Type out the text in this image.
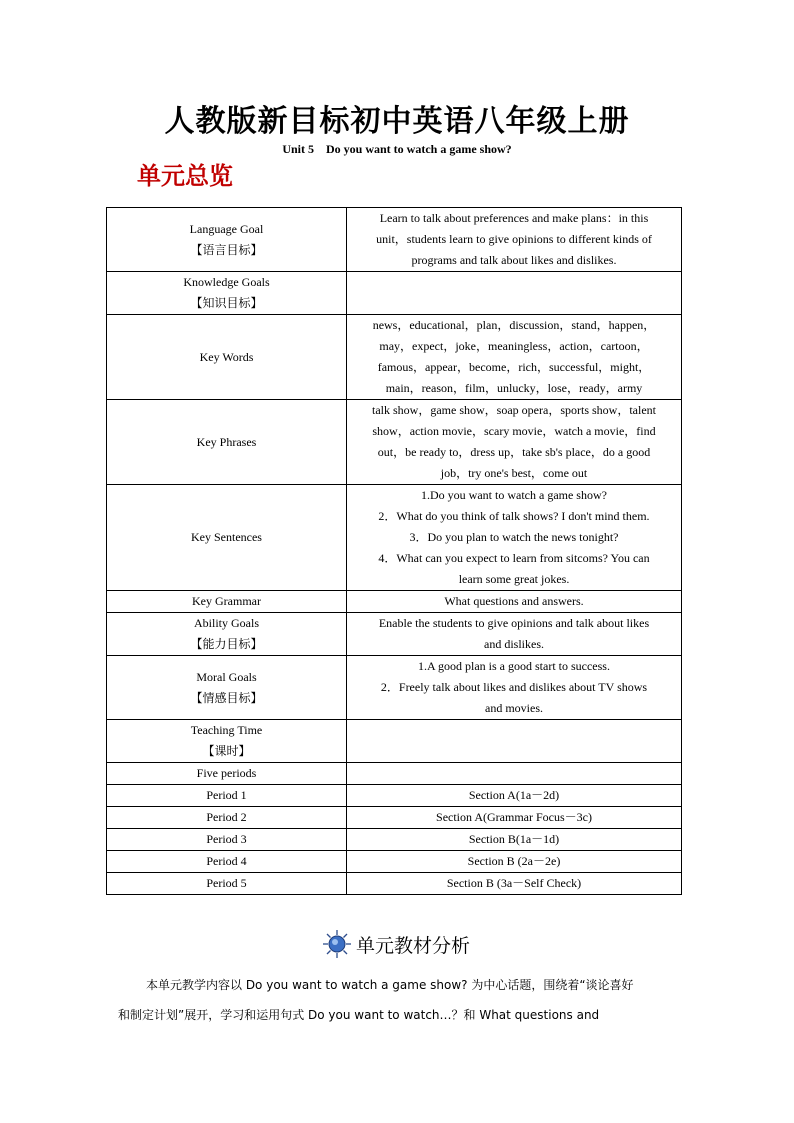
人教版新目标初中英语八年级上册
Unit 5　Do you want to watch a game show?
单元总览
Language Goal
【语言目标】	Learn to talk about preferences and make plans：in this
unit，students learn to give opinions to different kinds of
programs and talk about likes and dislikes.

Knowledge Goals
【知识目标】	

Key Words	news，educational，plan，discussion，stand，happen，
may，expect，joke，meaningless，action，cartoon，
famous，appear，become，rich，successful，might，
main，reason，film，unlucky，lose，ready，army

Key Phrases	talk show，game show，soap opera，sports show，talent
show，action movie，scary movie，watch a movie，find
out，be ready to，dress up，take sb's place，do a good
job，try one's best，come out

Key Sentences	1.Do you want to watch a game show?
2．What do you think of talk shows? I don't mind them.
3．Do you plan to watch the news tonight?
4．What can you expect to learn from sitcoms? You can
learn some great jokes.

Key Grammar	What questions and answers.

Ability Goals
【能力目标】	Enable the students to give opinions and talk about likes
and dislikes.

Moral Goals
【情感目标】	1.A good plan is a good start to success.
2．Freely talk about likes and dislikes about TV shows
and movies.

Teaching Time
【课时】	

Five periods	

Period 1	Section A(1a－2d)

Period 2	Section A(Grammar Focus－3c)

Period 3	Section B(1a－1d)

Period 4	Section B (2a－2e)

Period 5	Section B (3a－Self Check)
单元教材分析
本单元教学内容以 Do you want to watch a game show? 为中心话题，围绕着“谈论喜好
和制定计划”展开，学习和运用句式 Do you want to watch…？和 What questions and
